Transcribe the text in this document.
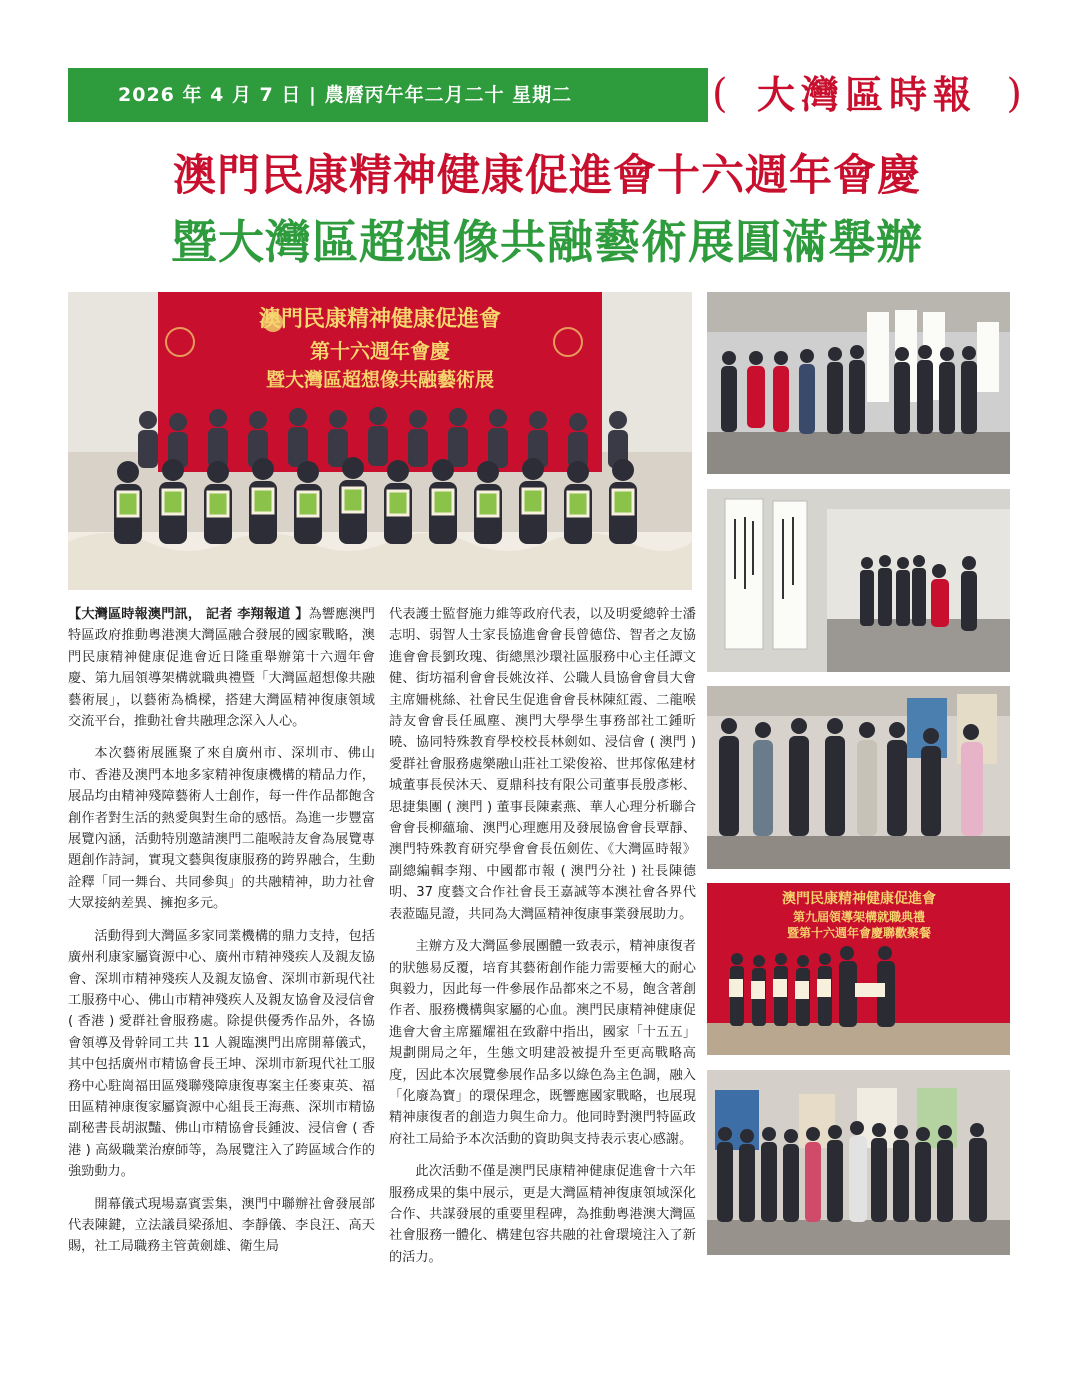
2026 年 4 月 7 日 | 農曆丙午年二月二十 星期二	( 大灣區時報 )
澳門民康精神健康促進會十六週年會慶
暨大灣區超想像共融藝術展圓滿舉辦
澳門民康精神健康促進會
第十六週年會慶
暨大灣區超想像共融藝術展
澳門民康精神健康促進會
第九屆領導架構就職典禮
暨第十六週年會慶聯歡聚餐

【大灣區時報澳門訊， 記者 李翔報道 】為響應澳門特區政府推動粵港澳大灣區融合發展的國家戰略，澳門民康精神健康促進會近日隆重舉辦第十六週年會慶、第九屆領導架構就職典禮暨「大灣區超想像共融藝術展」，以藝術為橋樑，搭建大灣區精神復康領域交流平台，推動社會共融理念深入人心。

本次藝術展匯聚了來自廣州市、深圳市、佛山市、香港及澳門本地多家精神復康機構的精品力作，展品均由精神殘障藝術人士創作，每一件作品都飽含創作者對生活的熱愛與對生命的感悟。為進一步豐富展覽內涵，活動特別邀請澳門二龍喉詩友會為展覽專題創作詩詞，實現文藝與復康服務的跨界融合，生動詮釋「同一舞台、共同參與」的共融精神，助力社會大眾接納差異、擁抱多元。

活動得到大灣區多家同業機構的鼎力支持，包括廣州利康家屬資源中心、廣州市精神殘疾人及親友協會、深圳市精神殘疾人及親友協會、深圳市新現代社工服務中心、佛山市精神殘疾人及親友協會及浸信會 ( 香港 ) 愛群社會服務處。除提供優秀作品外，各協會領導及骨幹同工共 11 人親臨澳門出席開幕儀式，其中包括廣州市精協會長王坤、深圳市新現代社工服務中心駐崗福田區殘聯殘障康復專案主任麥東英、福田區精神康復家屬資源中心組長王海燕、深圳市精協副秘書長胡淑豔、佛山市精協會長鍾波、浸信會 ( 香港 ) 高級職業治療師等，為展覽注入了跨區域合作的強勁動力。

開幕儀式現場嘉賓雲集，澳門中聯辦社會發展部代表陳鍵，立法議員梁孫旭、李靜儀、李良汪、高天賜，社工局職務主管黃劍雄、衛生局

代表護士監督施力維等政府代表，以及明愛總幹士潘志明、弱智人士家長協進會會長曾德岱、智者之友協進會會長劉玫瑰、街總黑沙環社區服務中心主任譚文健、街坊福利會會長姚汝祥、公職人員協會會員大會主席姍桃絲、社會民生促進會會長林陳紅霞、二龍喉詩友會會長任風塵、澳門大學學生事務部社工鍾昕曉、協同特殊教育學校校長林劍如、浸信會 ( 澳門 ) 愛群社會服務處樂融山莊社工梁俊裕、世邦傢俬建材城董事長侯沐天、夏鼎科技有限公司董事長殷彥彬、思捷集團 ( 澳門 ) 董事長陳素燕、華人心理分析聯合會會長柳蘊瑜、澳門心理應用及發展協會會長覃靜、澳門特殊教育研究學會會長伍劍佐、《大灣區時報》副總編輯李翔、中國都市報 ( 澳門分社 ) 社長陳德明、37 度藝文合作社會長王嘉誠等本澳社會各界代表蒞臨見證，共同為大灣區精神復康事業發展助力。

主辦方及大灣區參展團體一致表示，精神康復者的狀態易反覆，培育其藝術創作能力需要極大的耐心與毅力，因此每一件參展作品都來之不易，飽含著創作者、服務機構與家屬的心血。澳門民康精神健康促進會大會主席羅耀祖在致辭中指出，國家「十五五」規劃開局之年，生態文明建設被提升至更高戰略高度，因此本次展覽參展作品多以綠色為主色調，融入「化廢為寶」的環保理念，既響應國家戰略，也展現精神康復者的創造力與生命力。他同時對澳門特區政府社工局給予本次活動的資助與支持表示衷心感謝。

此次活動不僅是澳門民康精神健康促進會十六年服務成果的集中展示，更是大灣區精神復康領域深化合作、共謀發展的重要里程碑，為推動粵港澳大灣區社會服務一體化、構建包容共融的社會環境注入了新的活力。
